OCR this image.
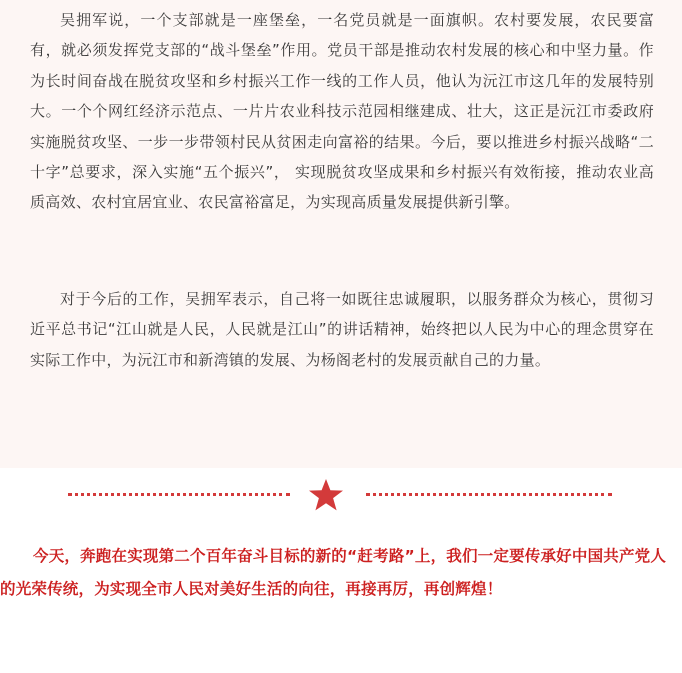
吴拥军说，一个支部就是一座堡垒，一名党员就是一面旗帜。农村要发展，农民要富有，就必须发挥党支部的“战斗堡垒”作用。党员干部是推动农村发展的核心和中坚力量。作为长时间奋战在脱贫攻坚和乡村振兴工作一线的工作人员，他认为沅江市这几年的发展特别大。一个个网红经济示范点、一片片农业科技示范园相继建成、壮大，这正是沅江市委政府实施脱贫攻坚、一步一步带领村民从贫困走向富裕的结果。今后，要以推进乡村振兴战略“二十字”总要求，深入实施“五个振兴”， 实现脱贫攻坚成果和乡村振兴有效衔接，推动农业高质高效、农村宜居宜业、农民富裕富足，为实现高质量发展提供新引擎。

对于今后的工作，吴拥军表示，自己将一如既往忠诚履职，以服务群众为核心，贯彻习近平总书记“江山就是人民，人民就是江山”的讲话精神，始终把以人民为中心的理念贯穿在实际工作中，为沅江市和新湾镇的发展、为杨阁老村的发展贡献自己的力量。

今天，奔跑在实现第二个百年奋斗目标的新的“赶考路”上，我们一定要传承好中国共产党人的光荣传统，为实现全市人民对美好生活的向往，再接再厉，再创辉煌！
